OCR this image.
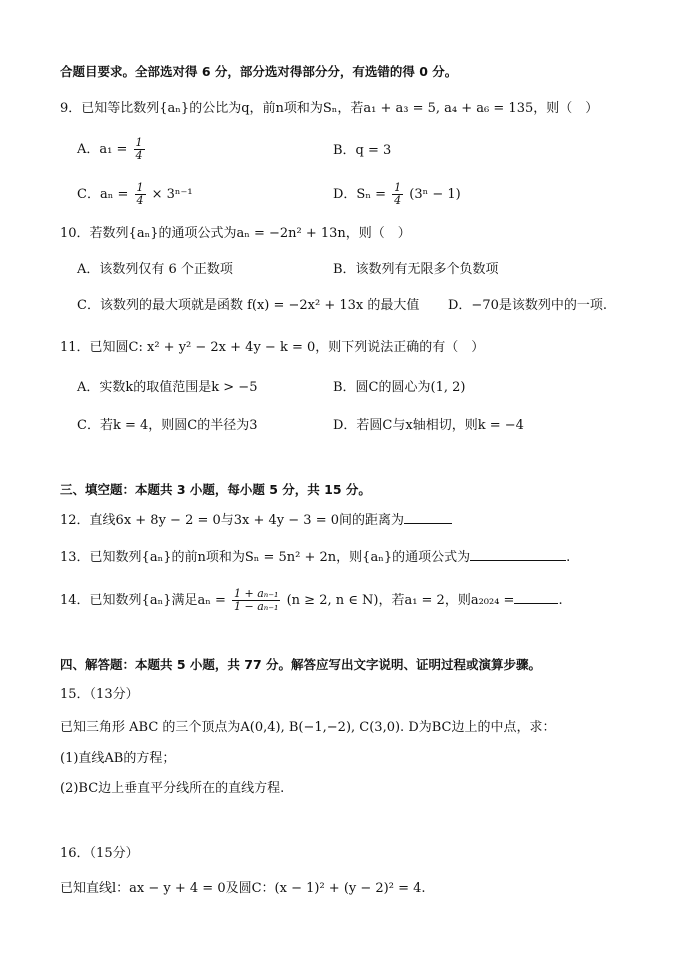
合题目要求。全部选对得 6 分，部分选对得部分分，有选错的得 0 分。
9．已知等比数列{aₙ}的公比为q，前n项和为Sₙ，若a₁ + a₃ = 5, a₄ + a₆ = 135，则（　）
A．$a_1 = \frac{1}{4}$	B．q = 3
C．$a_n = \frac{1}{4} \times 3^{n-1}$	D．$S_n = \frac{1}{4} (3^n - 1)$
10．若数列{aₙ}的通项公式为aₙ = −2n² + 13n，则（　）
A．该数列仅有 6 个正数项	B．该数列有无限多个负数项
C．该数列的最大项就是函数 f(x) = −2x² + 13x 的最大值 D．−70是该数列中的一项.
11．已知圆C: x² + y² − 2x + 4y − k = 0，则下列说法正确的有（　）
A．实数k的取值范围是k > −5	B．圆C的圆心为(1, 2)
C．若k = 4，则圆C的半径为3	D．若圆C与x轴相切，则k = −4
三、填空题：本题共 3 小题，每小题 5 分，共 15 分。
12．直线6x + 8y − 2 = 0与3x + 4y − 3 = 0间的距离为
13．已知数列{aₙ}的前n项和为Sₙ = 5n² + 2n，则{aₙ}的通项公式为	.
14．已知数列{aₙ}满足$a_n = \frac{\text{1 + aₙ₋₁}}{\text{1 − aₙ₋₁}} (n \ge 2$, n ∈ N)，若a₁ = 2，则a₂₀₂₄ =	.
四、解答题：本题共 5 小题，共 77 分。解答应写出文字说明、证明过程或演算步骤。
15．（13分）
已知三角形 ABC 的三个顶点为A(0,4), B(−1,−2), C(3,0). D为BC边上的中点，求：
(1)直线AB的方程；
(2)BC边上垂直平分线所在的直线方程.
16．（15分）
已知直线l：ax − y + 4 = 0及圆C：(x − 1)² + (y − 2)² = 4.
